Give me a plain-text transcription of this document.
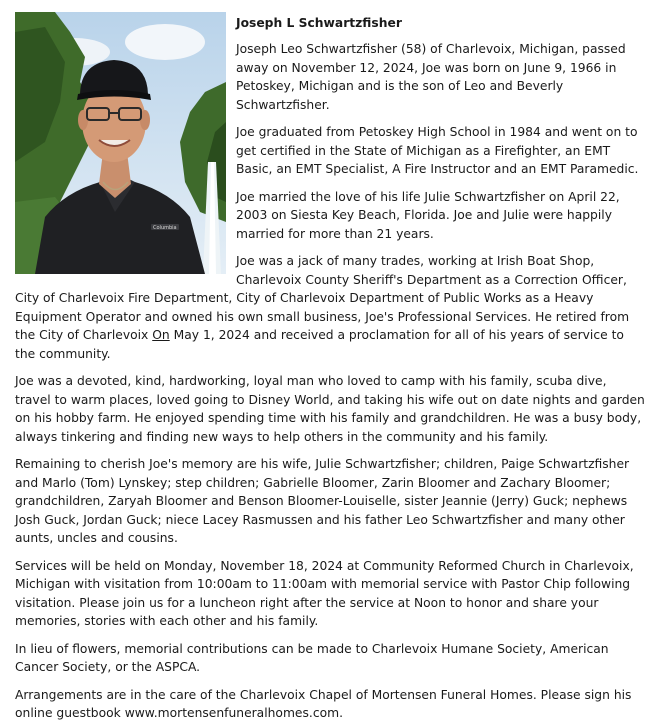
Columbia
Joseph L Schwartzfisher

Joseph Leo Schwartzfisher (58) of Charlevoix, Michigan, passed away on November 12, 2024, Joe was born on June 9, 1966 in Petoskey, Michigan and is the son of Leo and Beverly Schwartzfisher.

Joe graduated from Petoskey High School in 1984 and went on to get certified in the State of Michigan as a Firefighter, an EMT Basic, an EMT Specialist, A Fire Instructor and an EMT Paramedic.

Joe married the love of his life Julie Schwartzfisher on April 22, 2003 on Siesta Key Beach, Florida. Joe and Julie were happily married for more than 21 years.

Joe was a jack of many trades, working at Irish Boat Shop, Charlevoix County Sheriff's Department as a Correction Officer, City of Charlevoix Fire Department, City of Charlevoix Department of Public Works as a Heavy Equipment Operator and owned his own small business, Joe's Professional Services. He retired from the City of Charlevoix On May 1, 2024 and received a proclamation for all of his years of service to the community.

Joe was a devoted, kind, hardworking, loyal man who loved to camp with his family, scuba dive, travel to warm places, loved going to Disney World, and taking his wife out on date nights and garden on his hobby farm. He enjoyed spending time with his family and grandchildren. He was a busy body, always tinkering and finding new ways to help others in the community and his family.

Remaining to cherish Joe's memory are his wife, Julie Schwartzfisher; children, Paige Schwartzfisher and Marlo (Tom) Lynskey; step children; Gabrielle Bloomer, Zarin Bloomer and Zachary Bloomer; grandchildren, Zaryah Bloomer and Benson Bloomer-Louiselle, sister Jeannie (Jerry) Guck; nephews Josh Guck, Jordan Guck; niece Lacey Rasmussen and his father Leo Schwartzfisher and many other aunts, uncles and cousins.

Services will be held on Monday, November 18, 2024 at Community Reformed Church in Charlevoix, Michigan with visitation from 10:00am to 11:00am with memorial service with Pastor Chip following visitation. Please join us for a luncheon right after the service at Noon to honor and share your memories, stories with each other and his family.

In lieu of flowers, memorial contributions can be made to Charlevoix Humane Society, American Cancer Society, or the ASPCA.

Arrangements are in the care of the Charlevoix Chapel of Mortensen Funeral Homes. Please sign his online guestbook www.mortensenfuneralhomes.com.
